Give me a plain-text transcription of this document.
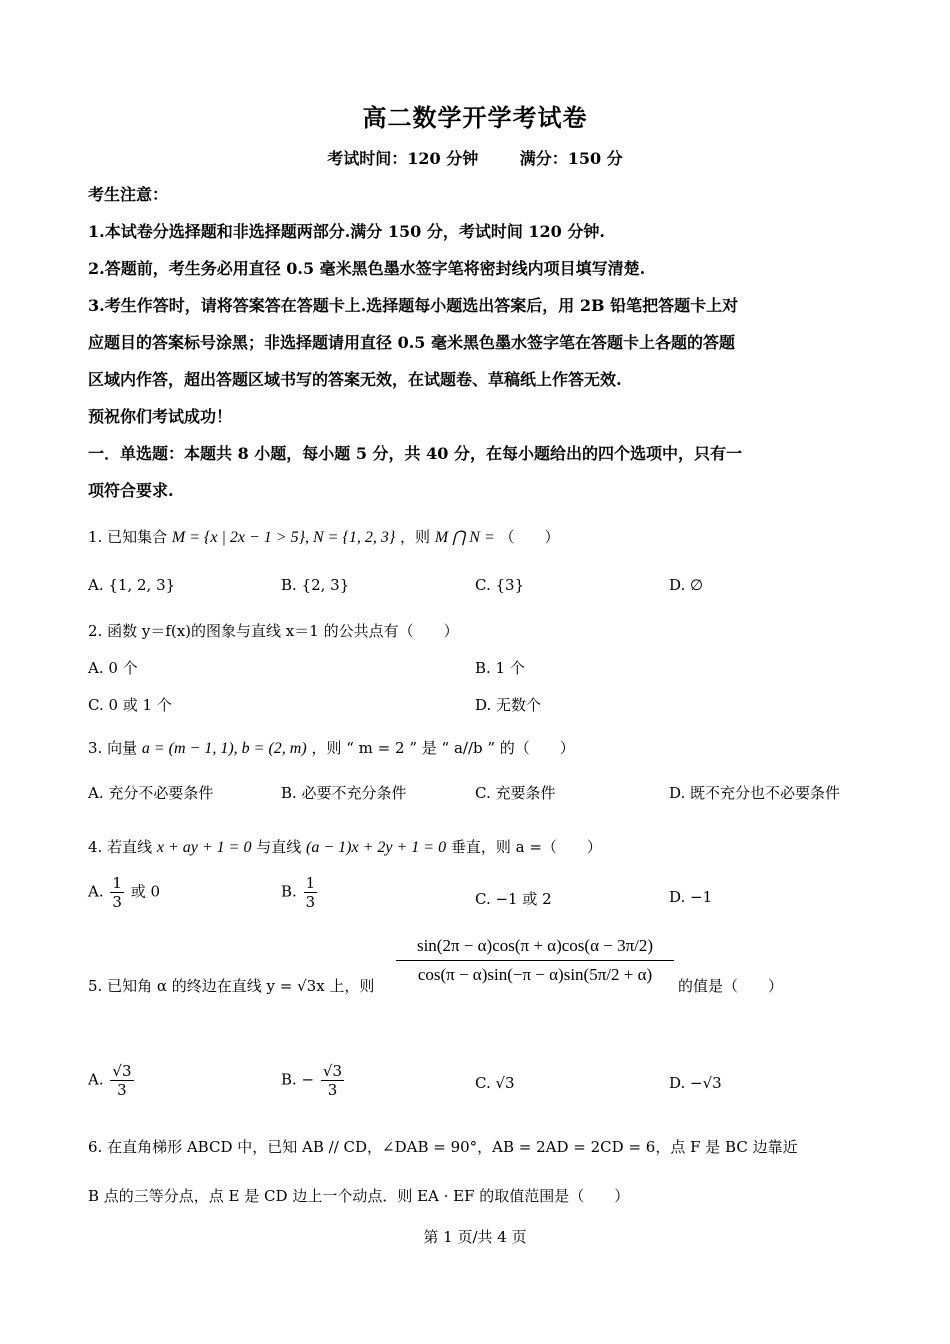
高二数学开学考试卷
考试时间：120 分钟	满分：150 分
考生注意：
1.本试卷分选择题和非选择题两部分.满分 150 分，考试时间 120 分钟.
2.答题前，考生务必用直径 0.5 毫米黑色墨水签字笔将密封线内项目填写清楚.
3.考生作答时，请将答案答在答题卡上.选择题每小题选出答案后，用 2B 铅笔把答题卡上对
应题目的答案标号涂黑；非选择题请用直径 0.5 毫米黑色墨水签字笔在答题卡上各题的答题
区域内作答，超出答题区域书写的答案无效，在试题卷、草稿纸上作答无效.
预祝你们考试成功！
一．单选题：本题共 8 小题，每小题 5 分，共 40 分，在每小题给出的四个选项中，只有一
项符合要求.
1. 已知集合 M = {x | 2x − 1 > 5}, N = {1, 2, 3} ，则 M ⋂ N = （　　）
A. {1, 2, 3}	B. {2, 3}	C. {3}	D. ∅
2. 函数 y＝f(x)的图象与直线 x＝1 的公共点有（　　）
A. 0 个	B. 1 个
C. 0 或 1 个	D. 无数个
3. 向量 a = (m − 1, 1), b = (2, m) ，则 “ m = 2 ” 是 “ a//b ” 的（　　）
A. 充分不必要条件	B. 必要不充分条件	C. 充要条件	D. 既不充分也不必要条件
4. 若直线 x + ay + 1 = 0 与直线 (a − 1)x + 2y + 1 = 0 垂直，则 a =（　　）
A. $\frac{1}{3}$ 或 0	B. $\frac{1}{3}$	C. −1 或 2	D. −1
5. 已知角 α 的终边在直线 y = √3x 上，则
sin(2π − α)cos(π + α)cos(α − 3π/2)
cos(π − α)sin(−π − α)sin(5π/2 + α)
的值是（　　）
A. $\frac{√3}{3}$	B. − $\frac{√3}{3}$	C. √3	D. −√3
6. 在直角梯形 ABCD 中，已知 AB // CD，∠DAB = 90°，AB = 2AD = 2CD = 6，点 F 是 BC 边靠近
B 点的三等分点，点 E 是 CD 边上一个动点．则 EA · EF 的取值范围是（　　）
第 1 页/共 4 页
